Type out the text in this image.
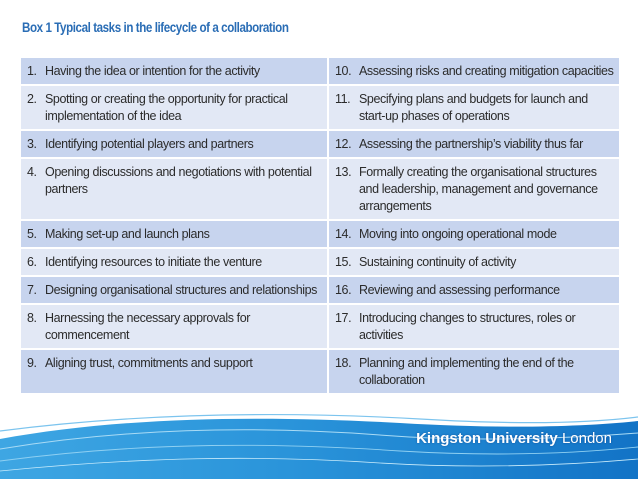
Box 1 Typical tasks in the lifecycle of a collaboration
1. Having the idea or intention for the activity	10. Assessing risks and creating mitigation capacities

2. Spotting or creating the opportunity for practical implementation of the idea	11. Specifying plans and budgets for launch and start-up phases of operations

3. Identifying potential players and partners	12. Assessing the partnership’s viability thus far

4. Opening discussions and negotiations with potential partners	13. Formally creating the organisational structures and leadership, management and governance arrangements

5. Making set-up and launch plans	14. Moving into ongoing operational mode

6. Identifying resources to initiate the venture	15. Sustaining continuity of activity

7. Designing organisational structures and relationships	16. Reviewing and assessing performance

8. Harnessing the necessary approvals for commencement	17. Introducing changes to structures, roles or activities

9. Aligning trust, commitments and support	18. Planning and implementing the end of the collaboration
Kingston University London
